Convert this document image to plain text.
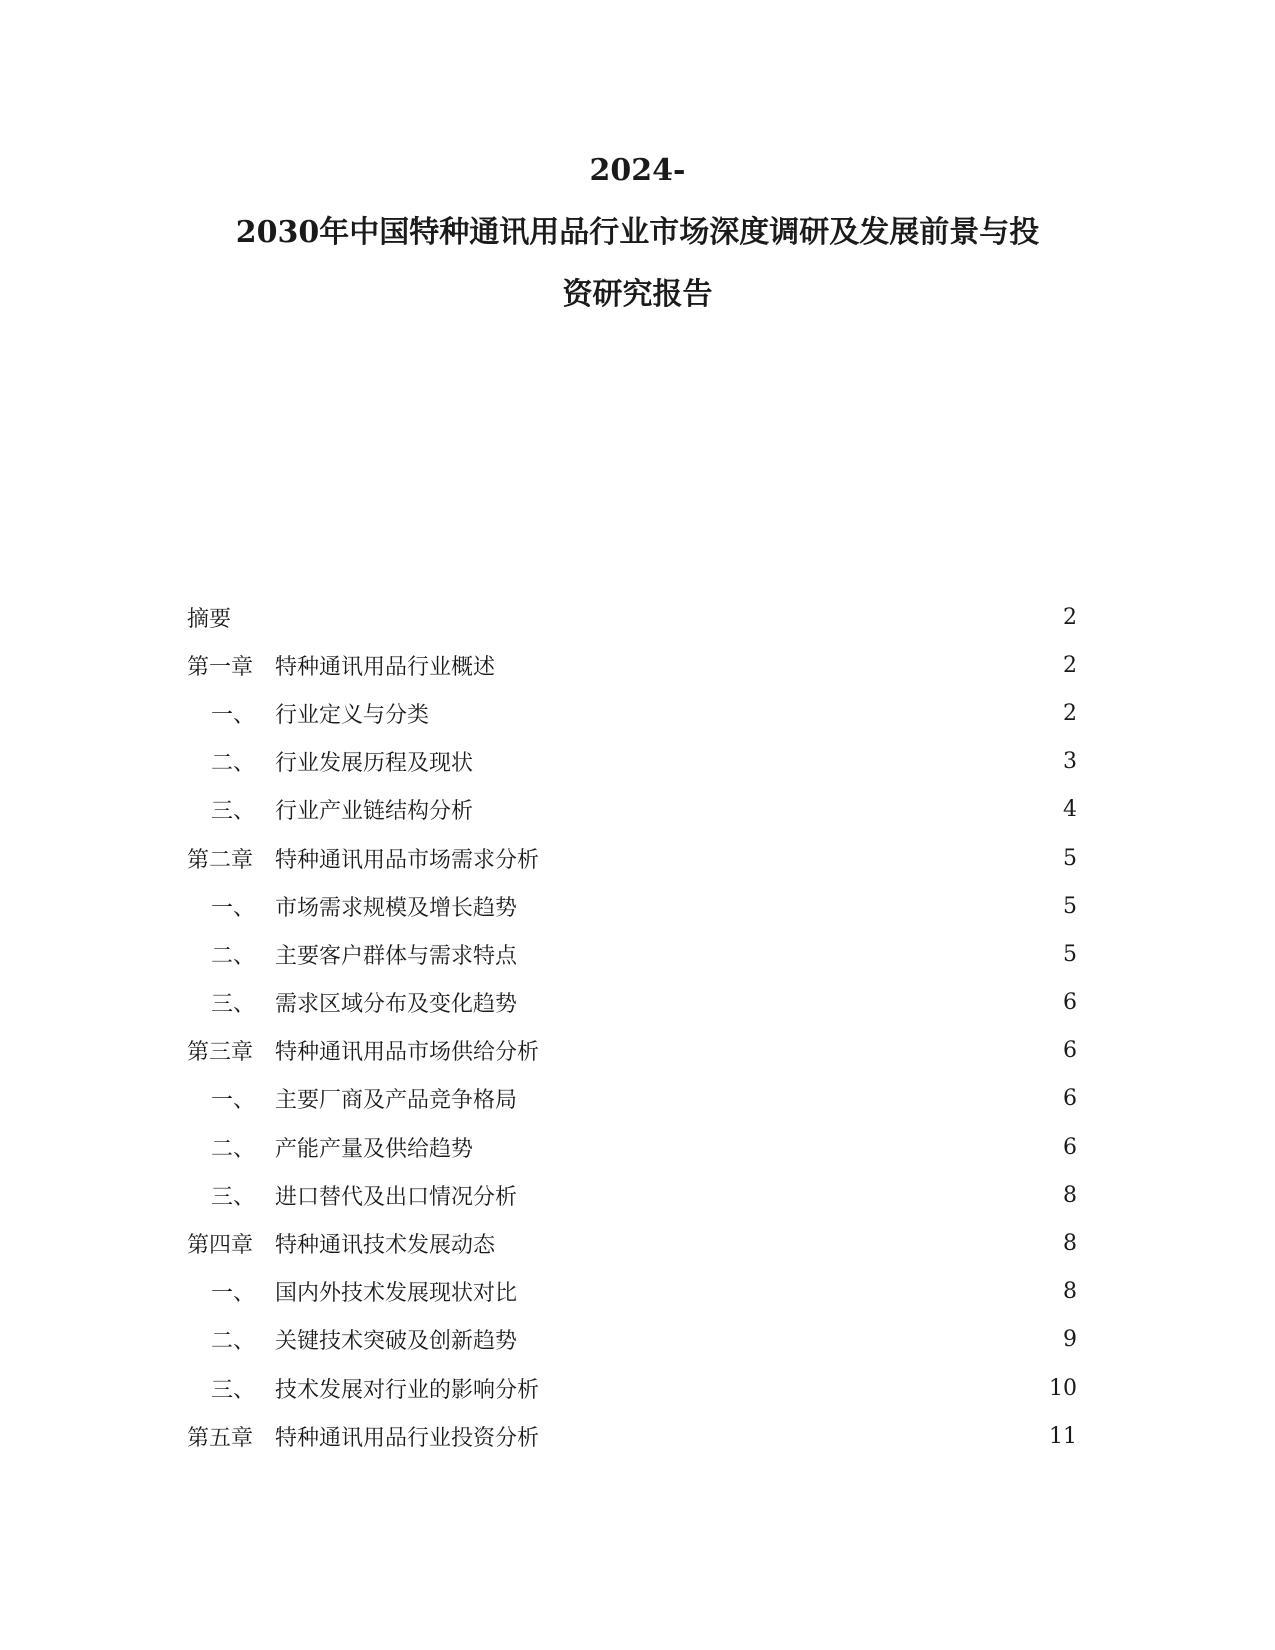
2024-
2030年中国特种通讯用品行业市场深度调研及发展前景与投
资研究报告
摘要	2
第一章 特种通讯用品行业概述	2
一、 行业定义与分类	2
二、 行业发展历程及现状	3
三、 行业产业链结构分析	4
第二章 特种通讯用品市场需求分析	5
一、 市场需求规模及增长趋势	5
二、 主要客户群体与需求特点	5
三、 需求区域分布及变化趋势	6
第三章 特种通讯用品市场供给分析	6
一、 主要厂商及产品竞争格局	6
二、 产能产量及供给趋势	6
三、 进口替代及出口情况分析	8
第四章 特种通讯技术发展动态	8
一、 国内外技术发展现状对比	8
二、 关键技术突破及创新趋势	9
三、 技术发展对行业的影响分析	10
第五章 特种通讯用品行业投资分析	11
